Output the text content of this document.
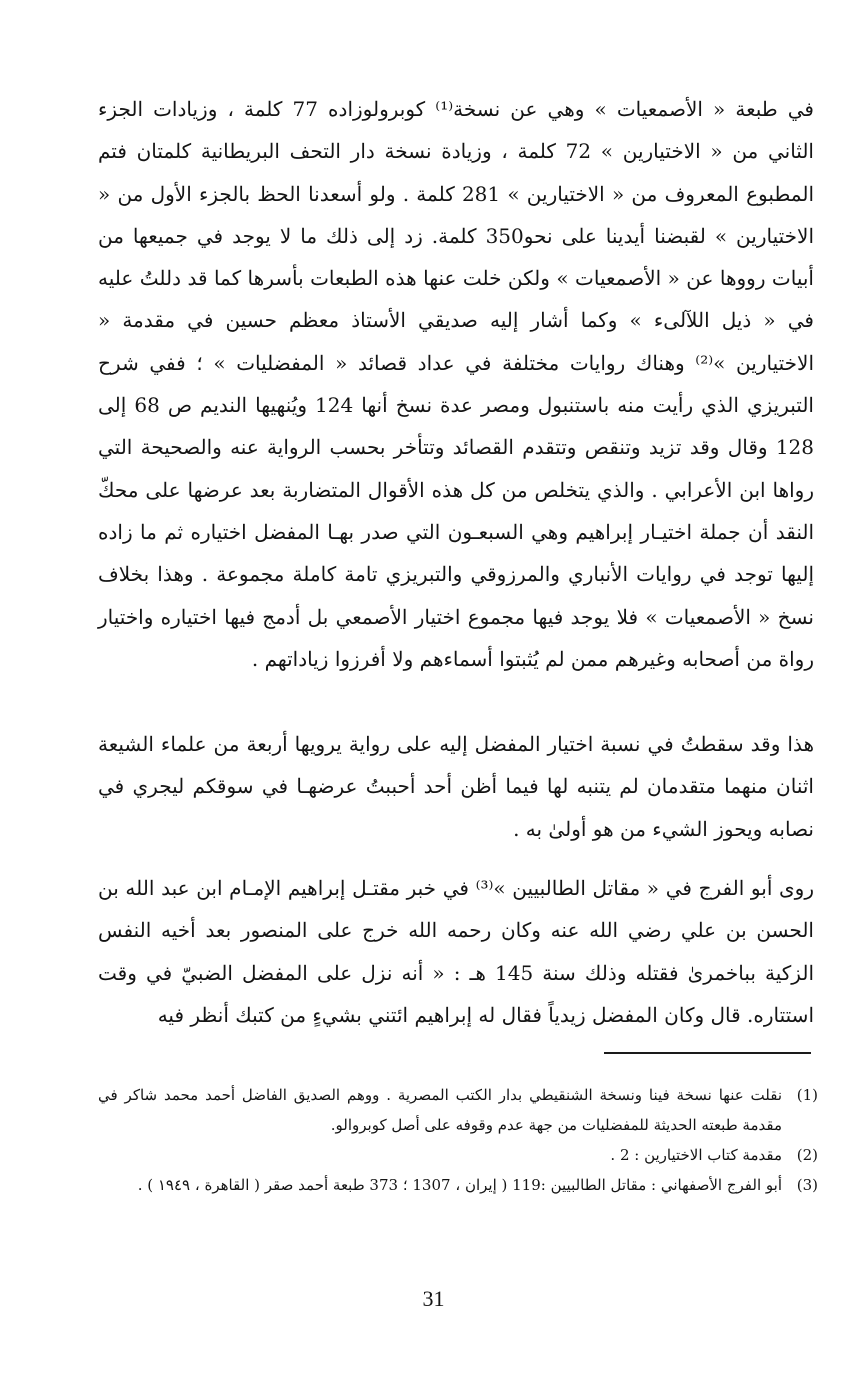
في طبعة « الأصمعيات » وهي عن نسخة⁽¹⁾ كوبرولوزاده 77 كلمة ، وزيادات الجزء الثاني من « الاختيارين » 72 كلمة ، وزيادة نسخة دار التحف البريطانية كلمتان فتم المطبوع المعروف من « الاختيارين » 281 كلمة . ولو أسعدنا الحظ بالجزء الأول من « الاختيارين » لقبضنا أيدينا على نحو350 كلمة. زد إلى ذلك ما لا يوجد في جميعها من أبيات رووها عن « الأصمعيات » ولكن خلت عنها هذه الطبعات بأسرها كما قد دللتُ عليه في « ذيل اللآلىء » وكما أشار إليه صديقي الأستاذ معظم حسين في مقدمة « الاختيارين »⁽²⁾ وهناك روايات مختلفة في عداد قصائد « المفضليات » ؛ ففي شرح التبريزي الذي رأيت منه باستنبول ومصر عدة نسخ أنها 124 ويُنهيها النديم ص 68 إلى 128 وقال وقد تزيد وتنقص وتتقدم القصائد وتتأخر بحسب الرواية عنه والصحيحة التي رواها ابن الأعرابي . والذي يتخلص من كل هذه الأقوال المتضاربة بعد عرضها على محكّ النقد أن جملة اختيـار إبراهيم وهي السبعـون التي صدر بهـا المفضل اختياره ثم ما زاده إليها توجد في روايات الأنباري والمرزوقي والتبريزي تامة كاملة مجموعة . وهذا بخلاف نسخ « الأصمعيات » فلا يوجد فيها مجموع اختيار الأصمعي بل أدمج فيها اختياره واختيار رواة من أصحابه وغيرهم ممن لم يُثبتوا أسماءهم ولا أفرزوا زياداتهم .

هذا وقد سقطتُ في نسبة اختيار المفضل إليه على رواية يرويها أربعة من علماء الشيعة اثنان منهما متقدمان لم يتنبه لها فيما أظن أحد أحببتُ عرضهـا في سوقكم ليجري في نصابه ويحوز الشيء من هو أولىٰ به .

روى أبو الفرج في « مقاتل الطالبيين »⁽³⁾ في خبر مقتـل إبراهيم الإمـام ابن عبد الله بن الحسن بن علي رضي الله عنه وكان رحمه الله خرج على المنصور بعد أخيه النفس الزكية بباخمرىٰ فقتله وذلك سنة 145 هـ : « أنه نزل على المفضل الضبيّ في وقت استتاره. قال وكان المفضل زيدياً فقال له إبراهيم ائتني بشيءٍ من كتبك أنظر فيه

(1)
نقلت عنها نسخة فينا ونسخة الشنقيطي بدار الكتب المصرية . ووهم الصديق الفاضل أحمد محمد شاكر في مقدمة طبعته الحديثة للمفضليات من جهة عدم وقوفه على أصل كوبروالو.
(2)
مقدمة كتاب الاختيارين : 2 .
(3)
أبو الفرج الأصفهاني : مقاتل الطالبيين :119 ( إيران ، 1307 ؛ 373 طبعة أحمد صقر ( القاهرة ، ١٩٤٩ ) .
31
